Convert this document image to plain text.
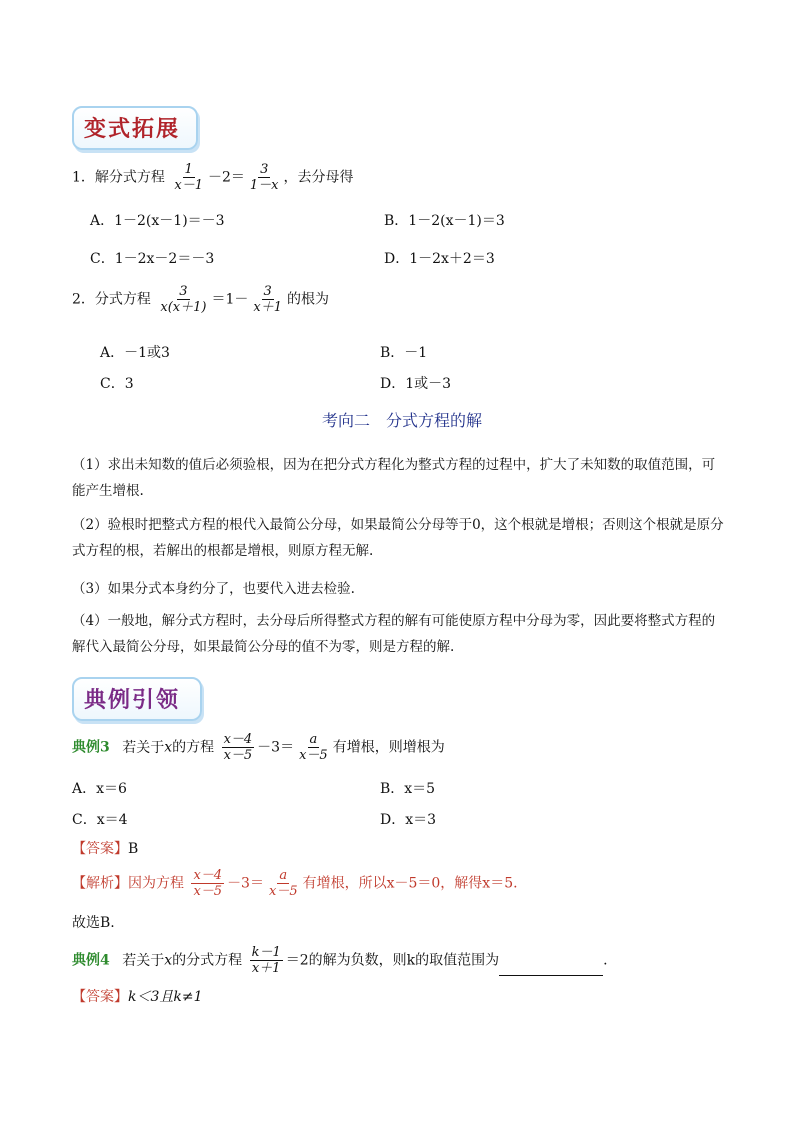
变式拓展
1．解分式方程 $\frac{1}{x-1} -2= \frac{3}{1-x}$ ，去分母得
A．1－2(x－1)＝－3	B．1－2(x－1)＝3
C．1－2x－2＝－3	D．1－2x＋2＝3
2．分式方程 $\frac{3}{x(x+1)} =1- \frac{3}{x+1}$ 的根为
A．－1或3	B．－1
C．3	D．1或－3
考向二　分式方程的解
（1）求出未知数的值后必须验根，因为在把分式方程化为整式方程的过程中，扩大了未知数的取值范围，可能产生增根.
（2）验根时把整式方程的根代入最简公分母，如果最简公分母等于0，这个根就是增根；否则这个根就是原分式方程的根，若解出的根都是增根，则原方程无解.
（3）如果分式本身约分了，也要代入进去检验.
（4）一般地，解分式方程时，去分母后所得整式方程的解有可能使原方程中分母为零，因此要将整式方程的解代入最简公分母，如果最简公分母的值不为零，则是方程的解.
典例引领
典例3 若关于x的方程 $\frac{x-4}{x-5} -3= \frac{a}{x-5}$ 有增根，则增根为
A．x＝6	B．x＝5
C．x＝4	D．x＝3
【答案】B
【解析】因为方程 $\frac{x-4}{x-5} -3= \frac{a}{x-5}$ 有增根，所以x－5＝0，解得x＝5.
故选B.
典例4 若关于x的分式方程 $\frac{k-1}{x+1} =2$的解为负数，则k的取值范围为	.
【答案】k＜3且k≠1
